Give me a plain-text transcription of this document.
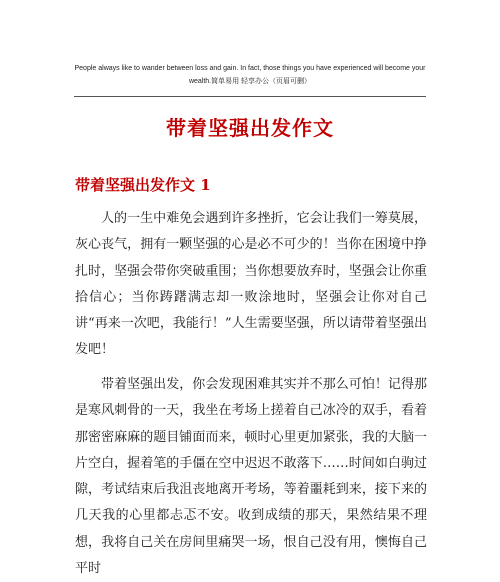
People always like to wander between loss and gain. In fact, those things you have experienced will become your
wealth.简单易用 轻享办公（页眉可删）
带着坚强出发作文
带着坚强出发作文 1

人的一生中难免会遇到许多挫折，它会让我们一筹莫展，灰心丧气，拥有一颗坚强的心是必不可少的！当你在困境中挣扎时，坚强会带你突破重围；当你想要放弃时，坚强会让你重拾信心；当你踌躇满志却一败涂地时，坚强会让你对自己讲“再来一次吧，我能行！”人生需要坚强，所以请带着坚强出发吧！

带着坚强出发，你会发现困难其实并不那么可怕！记得那是寒风刺骨的一天，我坐在考场上搓着自己冰冷的双手，看着那密密麻麻的题目铺面而来，顿时心里更加紧张，我的大脑一片空白，握着笔的手僵在空中迟迟不敢落下……时间如白驹过隙，考试结束后我沮丧地离开考场，等着噩耗到来，接下来的几天我的心里都忐忑不安。收到成绩的那天，果然结果不理想，我将自己关在房间里痛哭一场，恨自己没有用，懊悔自己平时
